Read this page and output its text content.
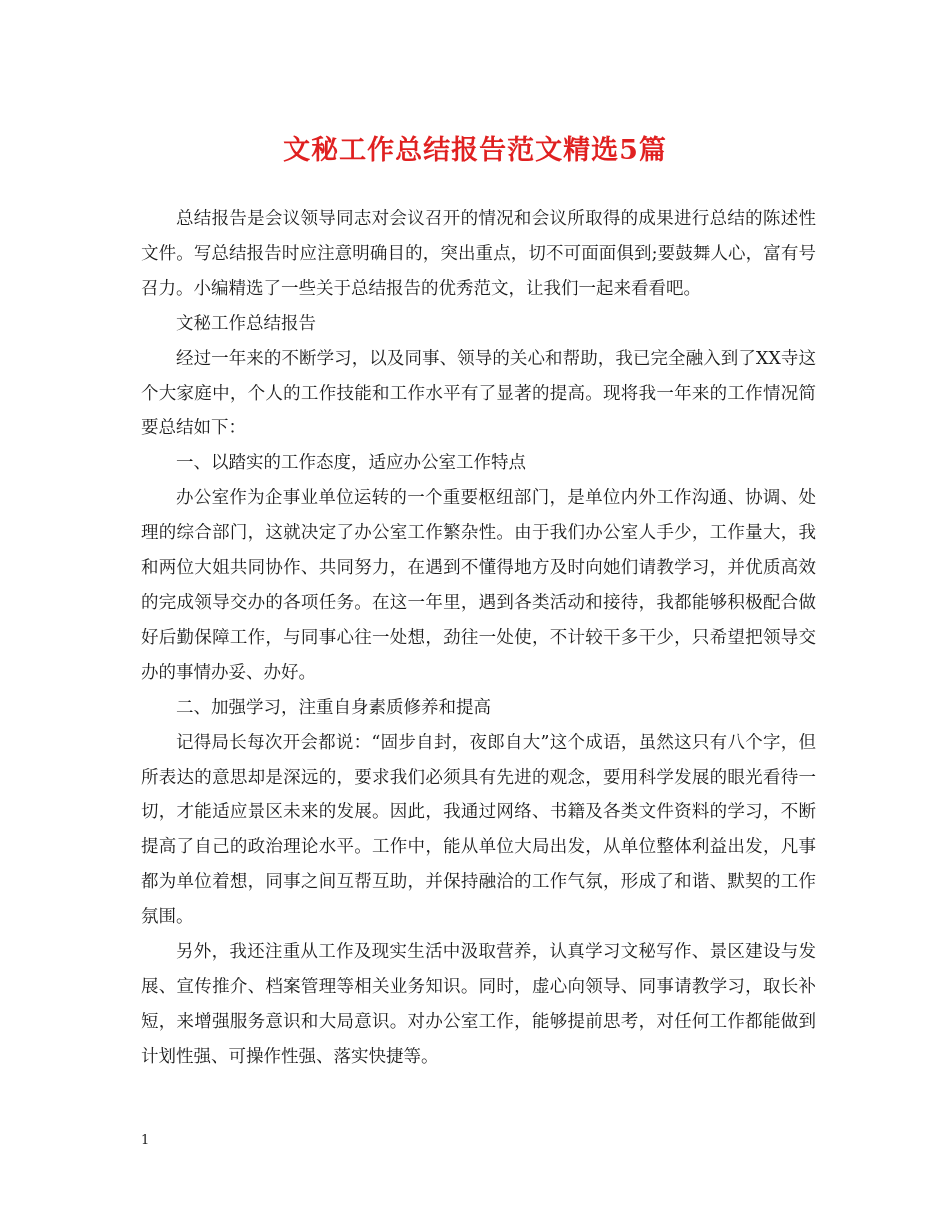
文秘工作总结报告范文精选5篇

总结报告是会议领导同志对会议召开的情况和会议所取得的成果进行总结的陈述性文件。写总结报告时应注意明确目的，突出重点，切不可面面俱到;要鼓舞人心，富有号召力。小编精选了一些关于总结报告的优秀范文，让我们一起来看看吧。

文秘工作总结报告

经过一年来的不断学习，以及同事、领导的关心和帮助，我已完全融入到了XX寺这个大家庭中，个人的工作技能和工作水平有了显著的提高。现将我一年来的工作情况简要总结如下：

一、以踏实的工作态度，适应办公室工作特点

办公室作为企事业单位运转的一个重要枢纽部门，是单位内外工作沟通、协调、处理的综合部门，这就决定了办公室工作繁杂性。由于我们办公室人手少，工作量大，我和两位大姐共同协作、共同努力，在遇到不懂得地方及时向她们请教学习，并优质高效的完成领导交办的各项任务。在这一年里，遇到各类活动和接待，我都能够积极配合做好后勤保障工作，与同事心往一处想，劲往一处使，不计较干多干少，只希望把领导交办的事情办妥、办好。

二、加强学习，注重自身素质修养和提高

记得局长每次开会都说：“固步自封，夜郎自大”这个成语，虽然这只有八个字，但所表达的意思却是深远的，要求我们必须具有先进的观念，要用科学发展的眼光看待一切，才能适应景区未来的发展。因此，我通过网络、书籍及各类文件资料的学习，不断提高了自己的政治理论水平。工作中，能从单位大局出发，从单位整体利益出发，凡事都为单位着想，同事之间互帮互助，并保持融洽的工作气氛，形成了和谐、默契的工作氛围。

另外，我还注重从工作及现实生活中汲取营养，认真学习文秘写作、景区建设与发展、宣传推介、档案管理等相关业务知识。同时，虚心向领导、同事请教学习，取长补短，来增强服务意识和大局意识。对办公室工作，能够提前思考，对任何工作都能做到计划性强、可操作性强、落实快捷等。

1
